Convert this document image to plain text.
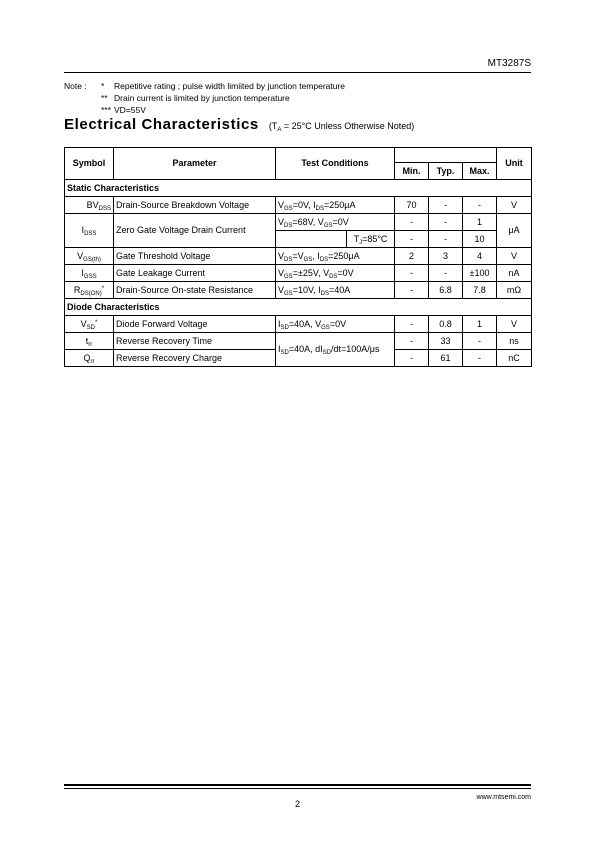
MT3287S
Note :	*	Repetitive rating ; pulse width limiited by junction temperature
** Drain current is limited by junction temperature
*** VD=55V
Electrical Characteristics ($T_A = 25^\circ C$ Unless Otherwise Noted)
Symbol	Parameter	Test Conditions				Unit
			Min.	Typ.	Max.	
Static Characteristics						
$BV_{DSS}$	Drain-Source Breakdown Voltage	$V_{GS}=0V$, $I_{DS}=250\mu A$	70	-	-	V
$I_{DSS}$	Zero Gate Voltage Drain Current	$V_{DS}=68V$, $V_{GS}=0V$	-	-	1	μA

		$T_J=85^\circ C$	-	-	10	
$V_{GS(th)}$	Gate Threshold Voltage	$V_{DS}=V_{GS}$, $I_{DS}=250\mu A$	2	3	4	V
$I_{GSS}$	Gate Leakage Current	$V_{GS}=\pm 25V$, $V_{DS}=0V$	-	-	±100	nA
$R_{DS(ON)}^*$	Drain-Source On-state Resistance	$V_{GS}=10V$, $I_{DS}=40A$	-	6.8	7.8	mΩ
Diode Characteristics						
$V_{SD}^*$	Diode Forward Voltage	$I_{SD}=40A$, $V_{GS}=0V$	-	0.8	1	V
$t_{rr}$	Reverse Recovery Time	$I_{SD}=40A$, $dI_{SD}/dt=100A/\mu s$	-	33	-	ns
$Q_{rr}$	Reverse Recovery Charge		-	61	-	nC
www.mtsemi.com
2
